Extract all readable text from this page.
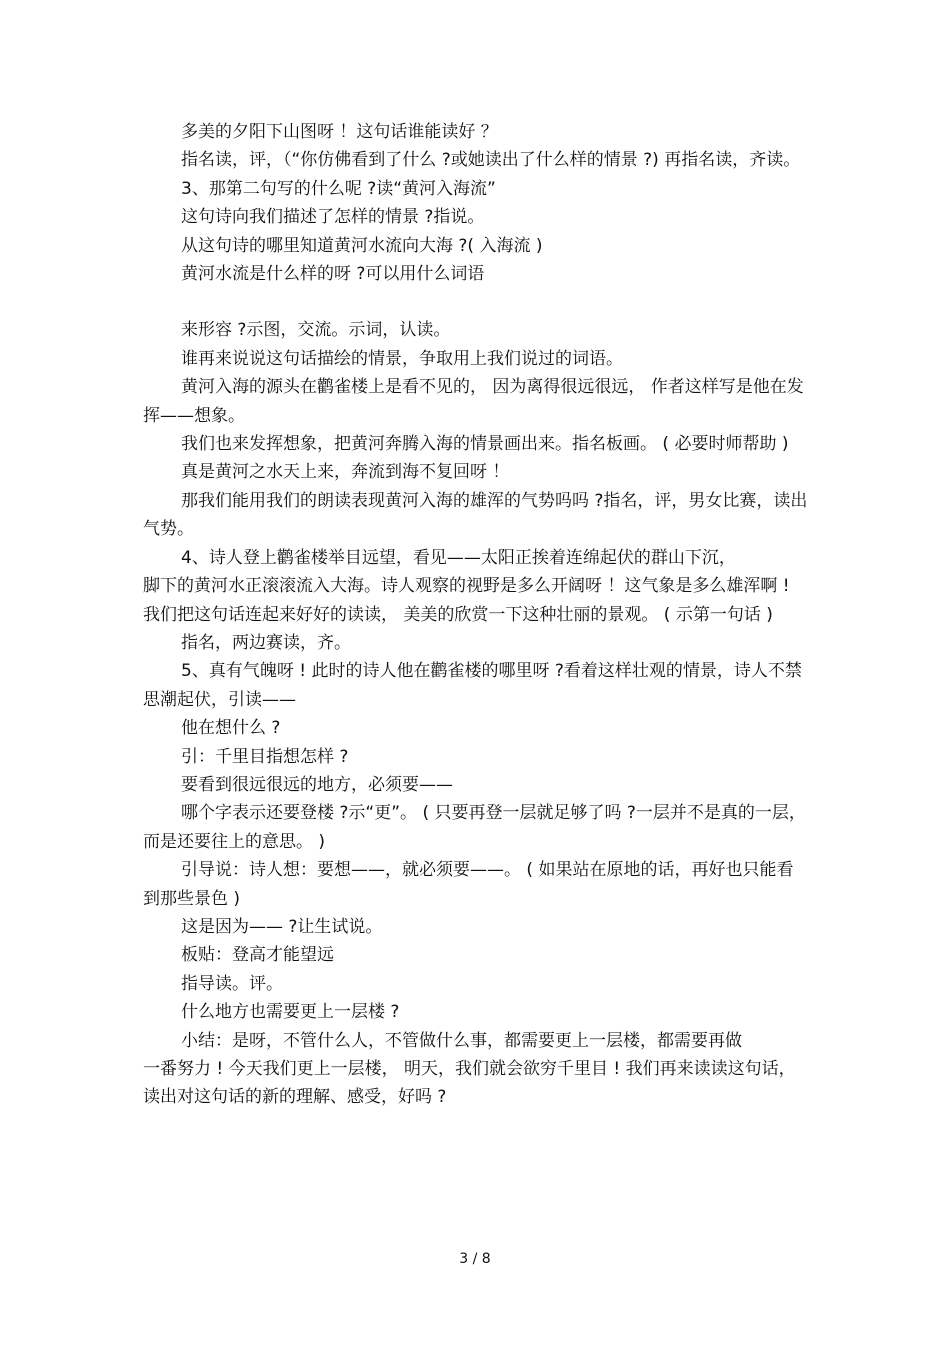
多美的夕阳下山图呀 ！这句话谁能读好 ？

指名读，评，（“你仿佛看到了什么 ?或她读出了什么样的情景 ?) 再指名读，齐读。

3、那第二句写的什么呢 ?读“黄河入海流”

这句诗向我们描述了怎样的情景 ?指说。

从这句诗的哪里知道黄河水流向大海 ?( 入海流 )

黄河水流是什么样的呀 ?可以用什么词语

来形容 ?示图，交流。示词，认读。

谁再来说说这句话描绘的情景，争取用上我们说过的词语。

黄河入海的源头在鹳雀楼上是看不见的， 因为离得很远很远， 作者这样写是他在发挥——想象。

我们也来发挥想象，把黄河奔腾入海的情景画出来。指名板画。 ( 必要时师帮助 )

真是黄河之水天上来，奔流到海不复回呀 ！

那我们能用我们的朗读表现黄河入海的雄浑的气势吗吗 ?指名，评，男女比赛，读出气势。

4、诗人登上鹳雀楼举目远望，看见——太阳正挨着连绵起伏的群山下沉，

脚下的黄河水正滚滚流入大海。诗人观察的视野是多么开阔呀 ！这气象是多么雄浑啊 ! 我们把这句话连起来好好的读读， 美美的欣赏一下这种壮丽的景观。 ( 示第一句话 )

指名，两边赛读，齐。

5、真有气魄呀 ! 此时的诗人他在鹳雀楼的哪里呀 ?看着这样壮观的情景，诗人不禁思潮起伏，引读——

他在想什么 ?

引：千里目指想怎样 ?

要看到很远很远的地方，必须要——

哪个字表示还要登楼 ?示“更”。 ( 只要再登一层就足够了吗 ?一层并不是真的一层，而是还要往上的意思。 )

引导说：诗人想：要想——，就必须要——。 ( 如果站在原地的话，再好也只能看到那些景色 )

这是因为—— ?让生试说。

板贴：登高才能望远

指导读。评。

什么地方也需要更上一层楼 ?

小结：是呀，不管什么人，不管做什么事，都需要更上一层楼，都需要再做

一番努力 ! 今天我们更上一层楼， 明天，我们就会欲穷千里目 ! 我们再来读读这句话，读出对这句话的新的理解、感受，好吗 ?

3 / 8
